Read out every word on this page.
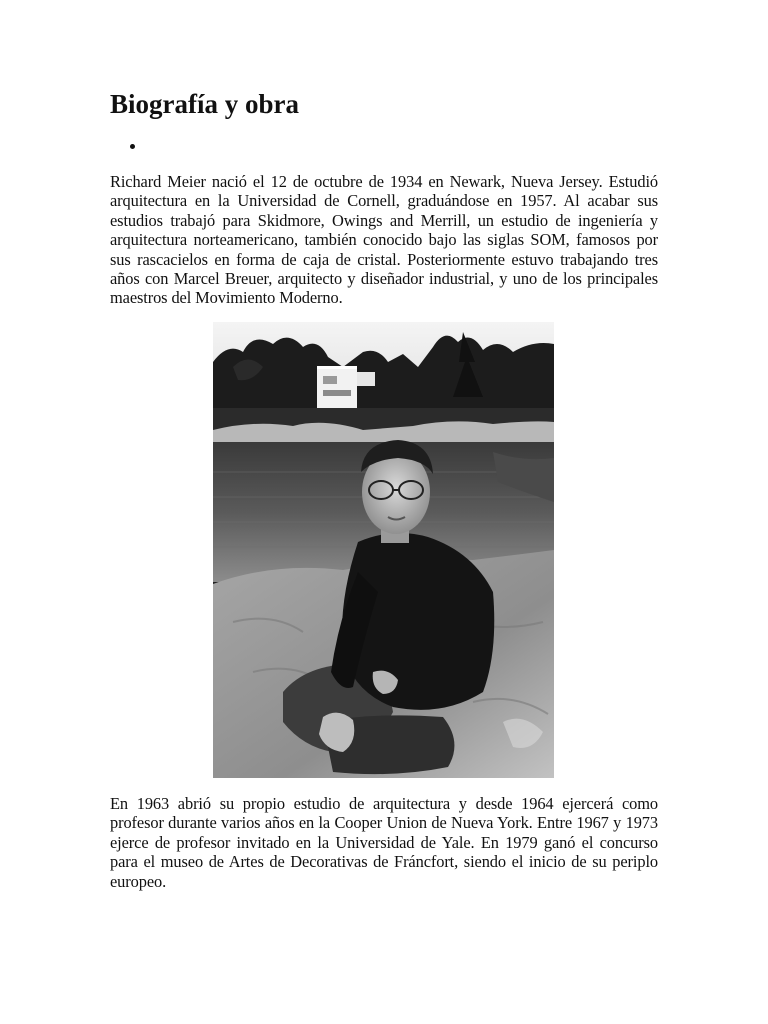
Biografía y obra

Richard Meier nació el 12 de octubre de 1934 en Newark, Nueva Jersey. Estudió arquitectura en la Universidad de Cornell, graduándose en 1957. Al acabar sus estudios trabajó para Skidmore, Owings and Merrill, un estudio de ingeniería y arquitectura norteamericano, también conocido bajo las siglas SOM, famosos por sus rascacielos en forma de caja de cristal. Posteriormente estuvo trabajando tres años con Marcel Breuer, arquitecto y diseñador industrial, y uno de los principales maestros del Movimiento Moderno.

En 1963 abrió su propio estudio de arquitectura y desde 1964 ejercerá como profesor durante varios años en la Cooper Union de Nueva York. Entre 1967 y 1973 ejerce de profesor invitado en la Universidad de Yale. En 1979 ganó el concurso para el museo de Artes de Decorativas de Fráncfort, siendo el inicio de su periplo europeo.
